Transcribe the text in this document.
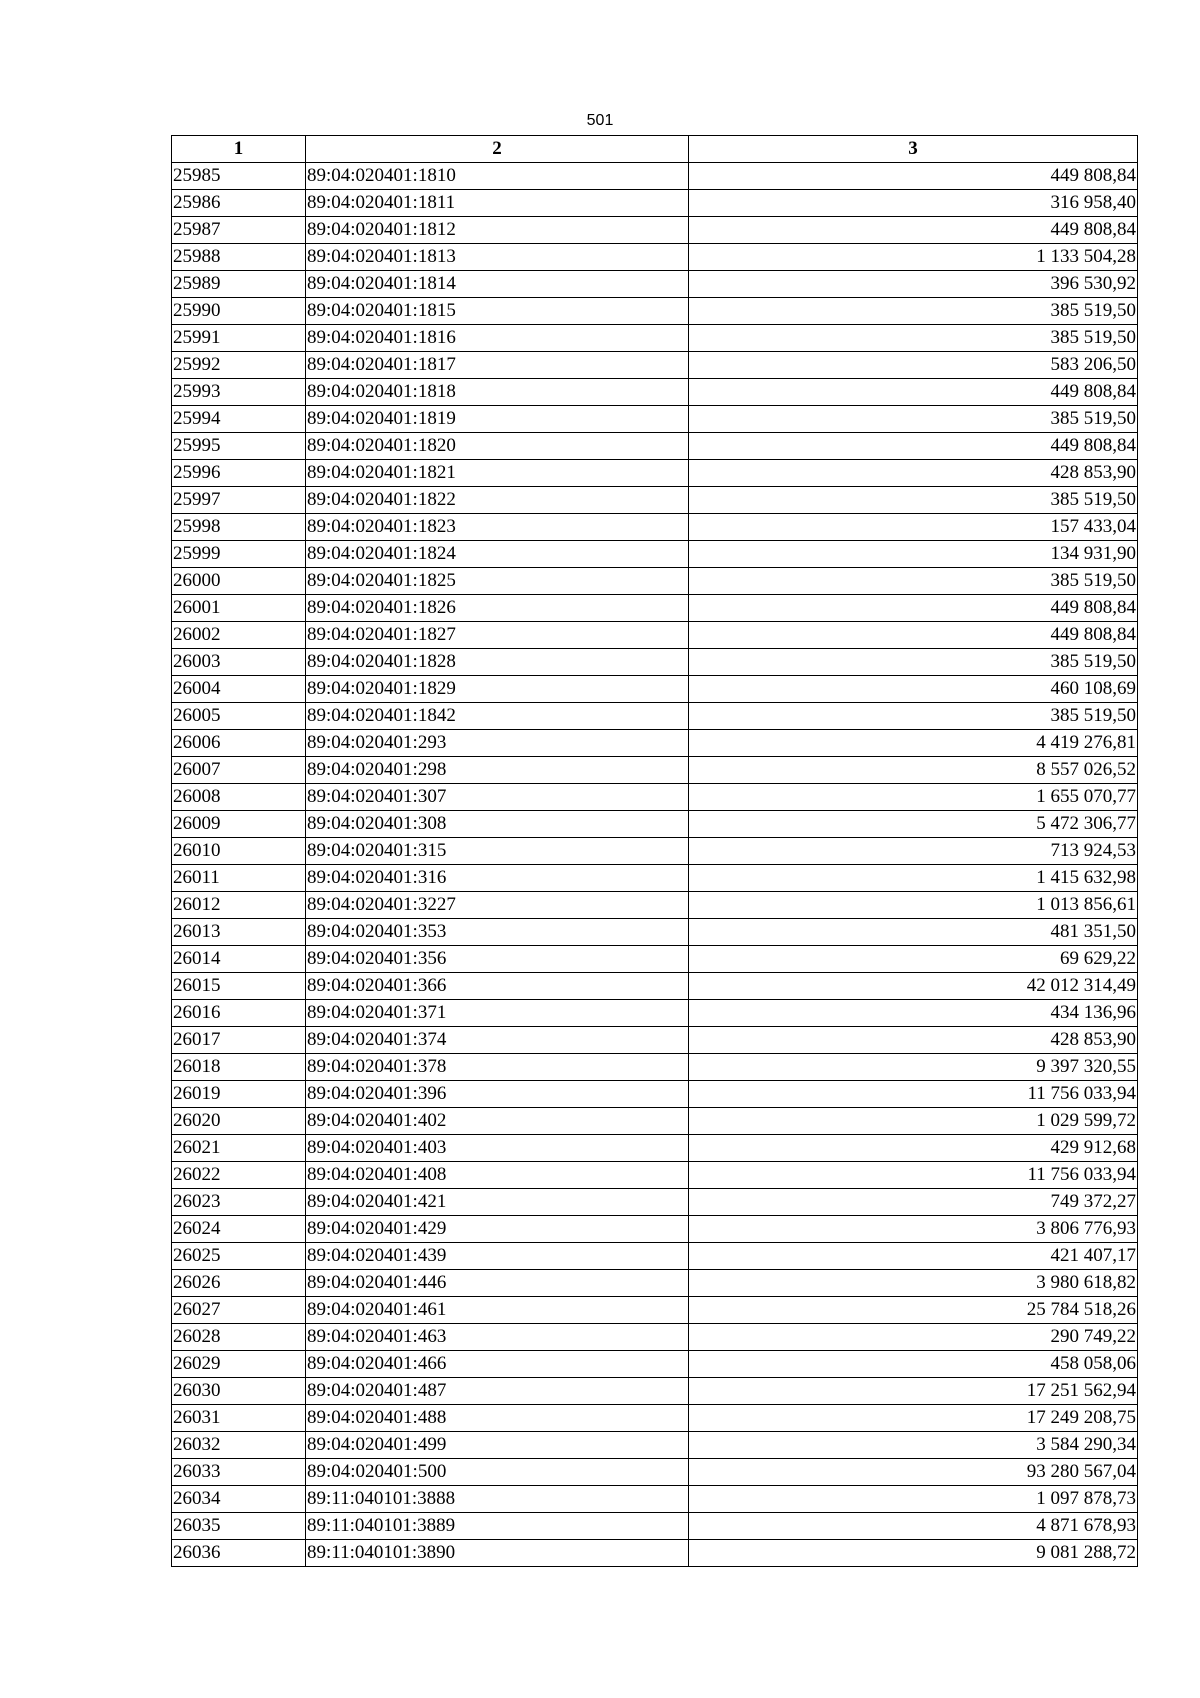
501
1	2	3
25985	89:04:020401:1810	449 808,84
25986	89:04:020401:1811	316 958,40
25987	89:04:020401:1812	449 808,84
25988	89:04:020401:1813	1 133 504,28
25989	89:04:020401:1814	396 530,92
25990	89:04:020401:1815	385 519,50
25991	89:04:020401:1816	385 519,50
25992	89:04:020401:1817	583 206,50
25993	89:04:020401:1818	449 808,84
25994	89:04:020401:1819	385 519,50
25995	89:04:020401:1820	449 808,84
25996	89:04:020401:1821	428 853,90
25997	89:04:020401:1822	385 519,50
25998	89:04:020401:1823	157 433,04
25999	89:04:020401:1824	134 931,90
26000	89:04:020401:1825	385 519,50
26001	89:04:020401:1826	449 808,84
26002	89:04:020401:1827	449 808,84
26003	89:04:020401:1828	385 519,50
26004	89:04:020401:1829	460 108,69
26005	89:04:020401:1842	385 519,50
26006	89:04:020401:293	4 419 276,81
26007	89:04:020401:298	8 557 026,52
26008	89:04:020401:307	1 655 070,77
26009	89:04:020401:308	5 472 306,77
26010	89:04:020401:315	713 924,53
26011	89:04:020401:316	1 415 632,98
26012	89:04:020401:3227	1 013 856,61
26013	89:04:020401:353	481 351,50
26014	89:04:020401:356	69 629,22
26015	89:04:020401:366	42 012 314,49
26016	89:04:020401:371	434 136,96
26017	89:04:020401:374	428 853,90
26018	89:04:020401:378	9 397 320,55
26019	89:04:020401:396	11 756 033,94
26020	89:04:020401:402	1 029 599,72
26021	89:04:020401:403	429 912,68
26022	89:04:020401:408	11 756 033,94
26023	89:04:020401:421	749 372,27
26024	89:04:020401:429	3 806 776,93
26025	89:04:020401:439	421 407,17
26026	89:04:020401:446	3 980 618,82
26027	89:04:020401:461	25 784 518,26
26028	89:04:020401:463	290 749,22
26029	89:04:020401:466	458 058,06
26030	89:04:020401:487	17 251 562,94
26031	89:04:020401:488	17 249 208,75
26032	89:04:020401:499	3 584 290,34
26033	89:04:020401:500	93 280 567,04
26034	89:11:040101:3888	1 097 878,73
26035	89:11:040101:3889	4 871 678,93
26036	89:11:040101:3890	9 081 288,72
